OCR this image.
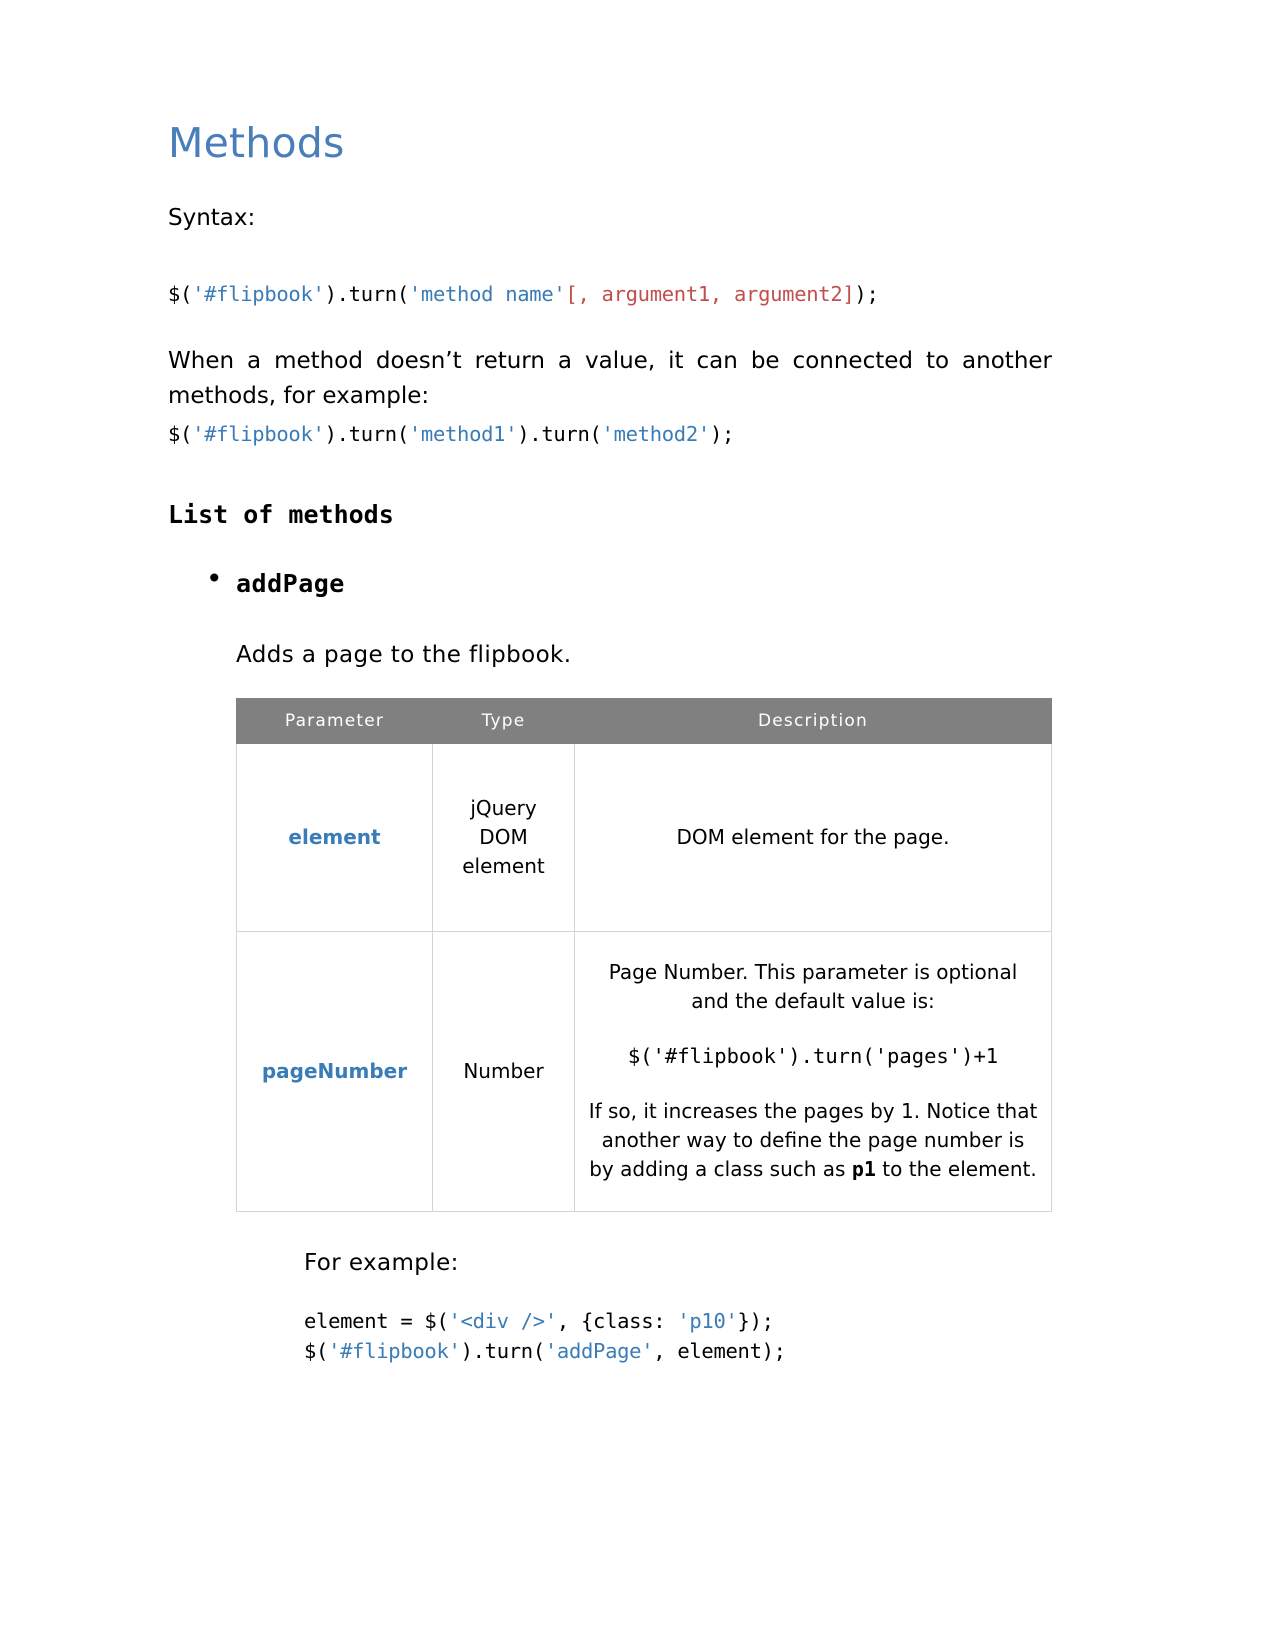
Methods

Syntax:

$('#flipbook').turn('method name'[, argument1, argument2]);

When a method doesn’t return a value, it can be connected to another methods, for example:

$('#flipbook').turn('method1').turn('method2');
List of methods
• addPage

Adds a page to the flipbook.

Parameter	Type	Description
element	jQuery DOM element	DOM element for the page.
pageNumber	Number	Page Number. This parameter is optional and the default value is:
$('#flipbook').turn('pages')+1
If so, it increases the pages by 1. Notice that another way to define the page number is by adding a class such as p1 to the element.

For example:

element = $('<div />', {class: 'p10'});
$('#flipbook').turn('addPage', element);
